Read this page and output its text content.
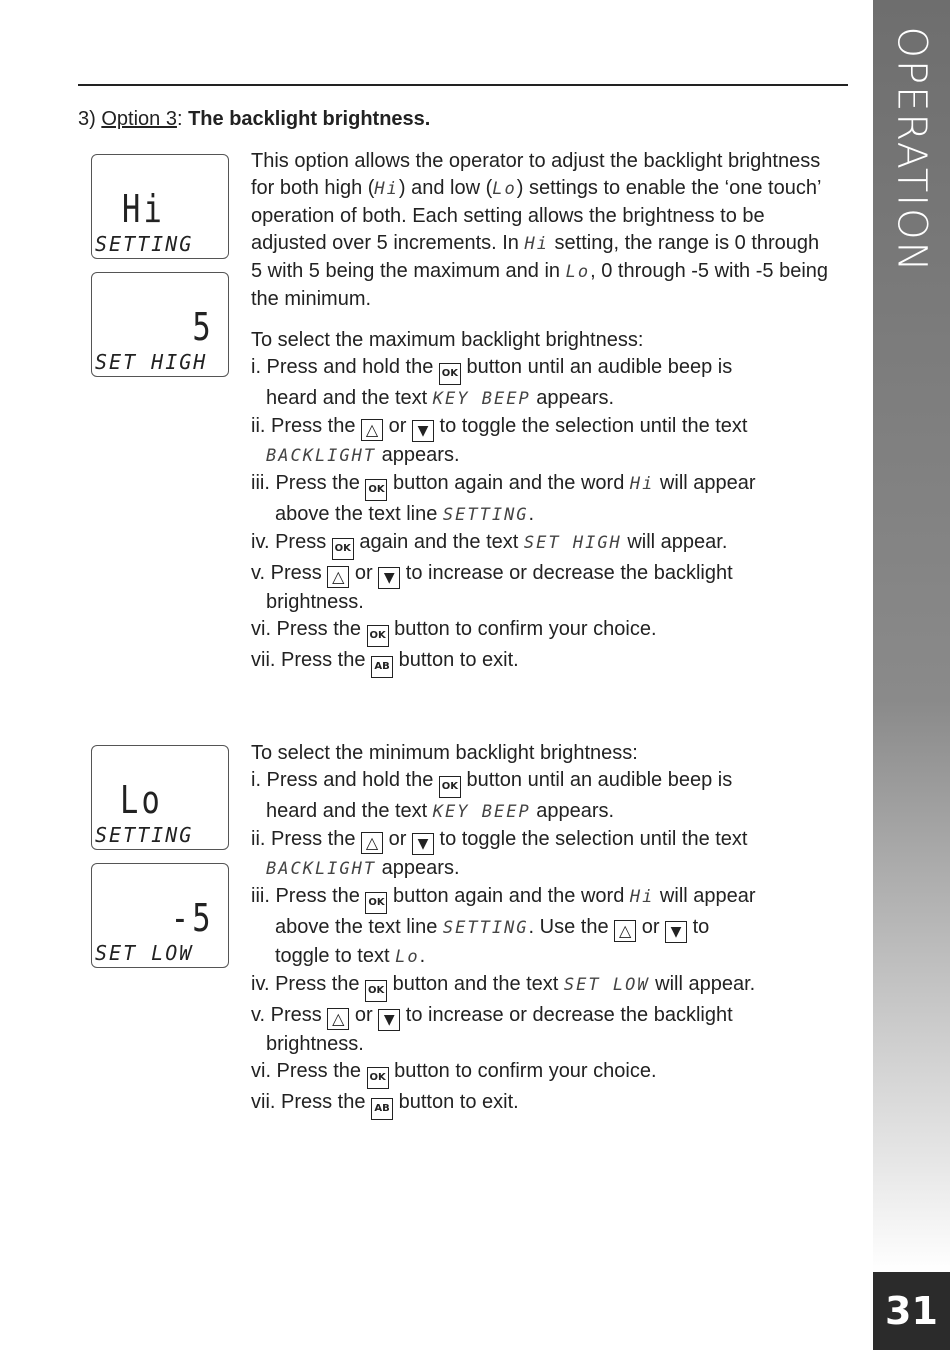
OPERATION
31
3) Option 3: The backlight brightness.
Hi
SETTING
5
SET HIGH
Lo
SETTING
-5
SET LOW

This option allows the operator to adjust the backlight brightness for both high (Hi) and low (Lo) settings to enable the ‘one touch’ operation of both. Each setting allows the brightness to be adjusted over 5 increments. In Hi setting, the range is 0 through 5 with 5 being the maximum and in Lo, 0 through -5 with -5 being the minimum.

To select the maximum backlight brightness:

i. Press and hold the OK button until an audible beep is
heard and the text KEY BEEP appears.

ii. Press the △ or ▼ to toggle the selection until the text
BACKLIGHT appears.

iii. Press the OK button again and the word Hi will appear
above the text line SETTING.

iv. Press OK again and the text SET HIGH will appear.

v. Press △ or ▼ to increase or decrease the backlight
brightness.

vi. Press the OK button to confirm your choice.

vii. Press the AB button to exit.

To select the minimum backlight brightness:

i. Press and hold the OK button until an audible beep is
heard and the text KEY BEEP appears.

ii. Press the △ or ▼ to toggle the selection until the text
BACKLIGHT appears.

iii. Press the OK button again and the word Hi will appear
above the text line SETTING. Use the △ or ▼ to
toggle to text Lo.

iv. Press the OK button and the text SET LOW will appear.

v. Press △ or ▼ to increase or decrease the backlight
brightness.

vi. Press the OK button to confirm your choice.

vii. Press the AB button to exit.
